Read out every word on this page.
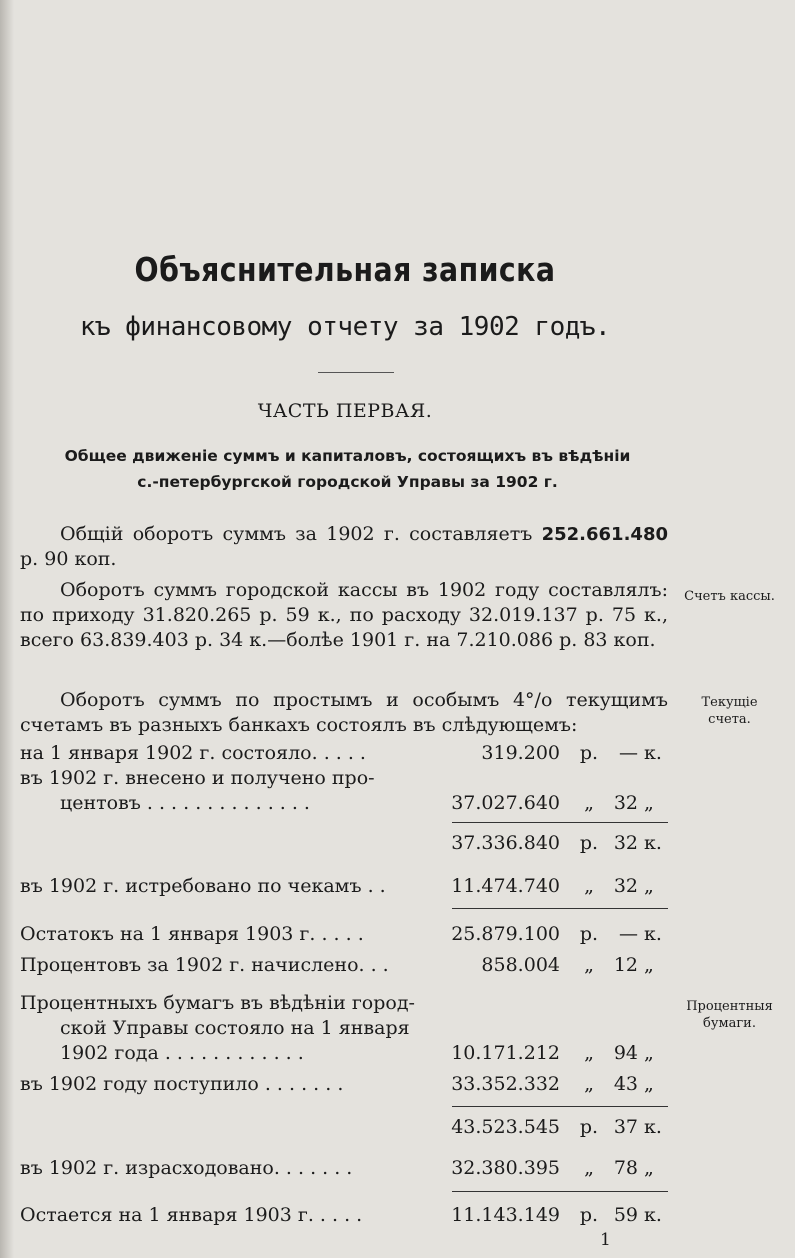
Объяснительная записка
къ финансовому отчету за 1902 годъ.
ЧАСТЬ ПЕРВАЯ.
Общее движеніе суммъ и капиталовъ, состоящихъ въ вѣдѣніи
с.-петербургской городской Управы за 1902 г.
Общій оборотъ суммъ за 1902 г. составляетъ 252.661.480 р. 90 коп.
Оборотъ суммъ городской кассы въ 1902 году составлялъ: по приходу 31.820.265 р. 59 к., по расходу 32.019.137 р. 75 к., всего 63.839.403 р. 34 к.—болѣе 1901 г. на 7.210.086 р. 83 коп.
Счетъ кассы.
Оборотъ суммъ по простымъ и особымъ 4°/o текущимъ счетамъ въ разныхъ банкахъ состоялъ въ слѣдующемъ:
Текущіе
счета.
на 1 января 1902 г. состояло. . . . .	319.200 р.	— к.
въ 1902 г. внесено и получено про-
центовъ . . . . . . . . . . . . . .	37.027.640	„	32 „
37.336.840 р. 32 к.
въ 1902 г. истребовано по чекамъ . .	11.474.740	„	32 „
Остатокъ на 1 января 1903 г. . . . .	25.879.100 р.	— к.
Процентовъ за 1902 г. начислено. . .	858.004	„	12 „
Процентныя
бумаги.
Процентныхъ бумагъ въ вѣдѣніи город-
ской Управы состояло на 1 января
1902 года . . . . . . . . . . . .	10.171.212	„	94 „
въ 1902 году поступило . . . . . . .	33.352.332	„	43 „
43.523.545 р. 37 к.
въ 1902 г. израсходовано. . . . . . .	32.380.395	„	78 „
Остается на 1 января 1903 г. . . . .	11.143.149 р. 59 к.
1
